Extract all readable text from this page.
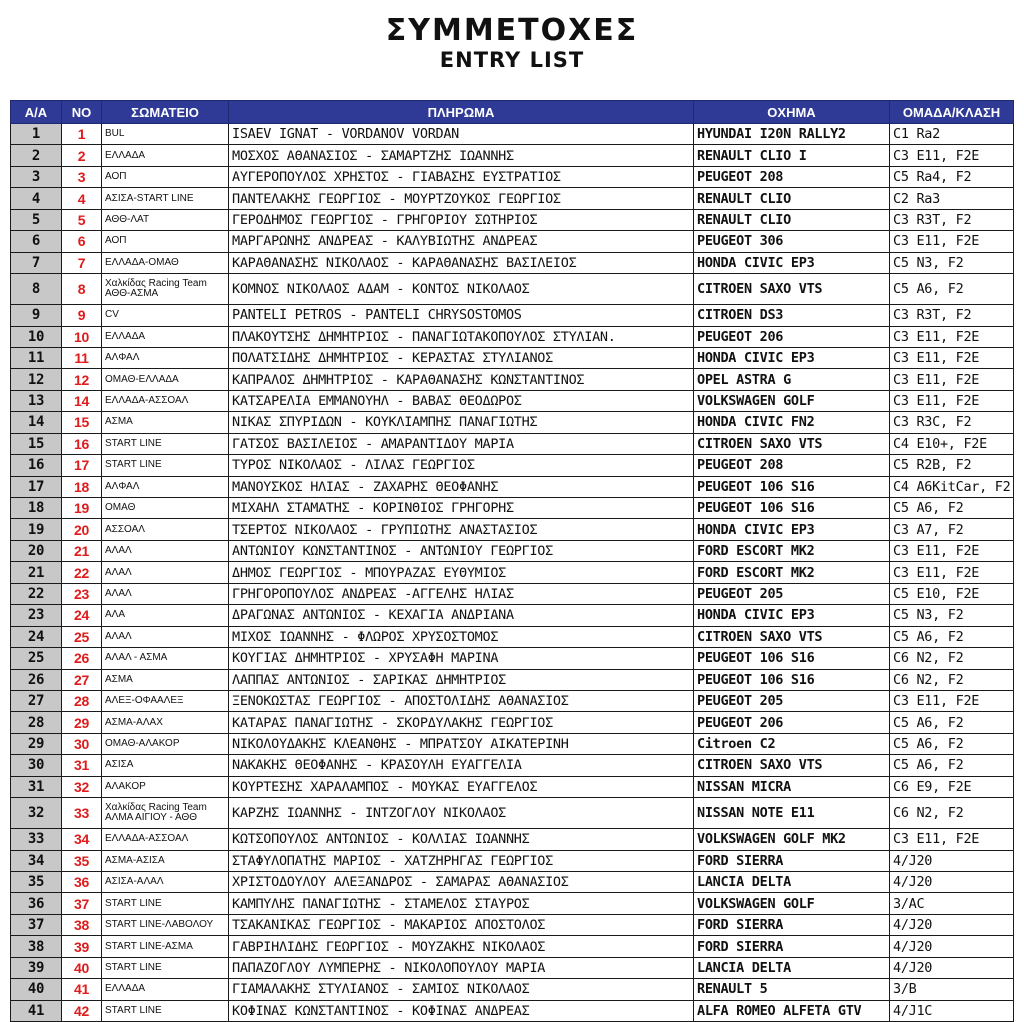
ΣΥΜΜΕΤΟΧΕΣ
ENTRY LIST
Α/Α	NO	ΣΩΜΑΤΕΙΟ	ΠΛΗΡΩΜΑ	ΟΧΗΜΑ	ΟΜΑΔΑ/ΚΛΑΣΗ
1	1	BUL	ISAEV IGNAT - VORDANOV VORDAN	HYUNDAI I20N RALLY2	C1 Ra2
2	2	ΕΛΛΑΔΑ	ΜΟΣΧΟΣ ΑΘΑΝΑΣΙΟΣ - ΣΑΜΑΡΤΖΗΣ ΙΩΑΝΝΗΣ	RENAULT CLIO I	C3 E11, F2E
3	3	ΑΟΠ	ΑΥΓΕΡΟΠΟΥΛΟΣ ΧΡΗΣΤΟΣ - ΓΙΑΒΑΣΗΣ ΕΥΣΤΡΑΤΙΟΣ	PEUGEOT 208	C5 Ra4, F2
4	4	ΑΣΙΣΑ-START LINE	ΠΑΝΤΕΛΑΚΗΣ ΓΕΩΡΓΙΟΣ - ΜΟΥΡΤΖΟΥΚΟΣ ΓΕΩΡΓΙΟΣ	RENAULT CLIO	C2 Ra3
5	5	ΑΘΘ-ΛΑΤ	ΓΕΡΟΔΗΜΟΣ ΓΕΩΡΓΙΟΣ - ΓΡΗΓΟΡΙΟΥ ΣΩΤΗΡΙΟΣ	RENAULT CLIO	C3 R3T, F2
6	6	ΑΟΠ	ΜΑΡΓΑΡΩΝΗΣ ΑΝΔΡΕΑΣ - ΚΑΛΥΒΙΩΤΗΣ ΑΝΔΡΕΑΣ	PEUGEOT 306	C3 E11, F2E
7	7	ΕΛΛΑΔΑ-ΟΜΑΘ	ΚΑΡΑΘΑΝΑΣΗΣ ΝΙΚΟΛΑΟΣ - ΚΑΡΑΘΑΝΑΣΗΣ ΒΑΣΙΛΕΙΟΣ	HONDA CIVIC EP3	C5 N3, F2
8	8	Χαλκίδας Racing Team ΑΘΘ-ΑΣΜΑ	ΚΟΜΝΟΣ ΝΙΚΟΛΑΟΣ ΑΔΑΜ - ΚΟΝΤΟΣ ΝΙΚΟΛΑΟΣ	CITROEN SAXO VTS	C5 A6, F2
9	9	CV	PANTELI PETROS - PANTELI CHRYSOSTOMOS	CITROEN DS3	C3 R3T, F2
10	10	ΕΛΛΑΔΑ	ΠΛΑΚΟΥΤΣΗΣ ΔΗΜΗΤΡΙΟΣ - ΠΑΝΑΓΙΩΤΑΚΟΠΟΥΛΟΣ ΣΤΥΛΙΑΝ.	PEUGEOT 206	C3 E11, F2E
11	11	ΑΛΦΑΛ	ΠΟΛΑΤΣΙΔΗΣ ΔΗΜΗΤΡΙΟΣ - ΚΕΡΑΣΤΑΣ ΣΤΥΛΙΑΝΟΣ	HONDA CIVIC EP3	C3 E11, F2E
12	12	ΟΜΑΘ-ΕΛΛΑΔΑ	ΚΑΠΡΑΛΟΣ ΔΗΜΗΤΡΙΟΣ - ΚΑΡΑΘΑΝΑΣΗΣ ΚΩΝΣΤΑΝΤΙΝΟΣ	OPEL ASTRA G	C3 E11, F2E
13	14	ΕΛΛΑΔΑ-ΑΣΣΟΑΛ	ΚΑΤΣΑΡΕΛΙΑ ΕΜΜΑΝΟΥΗΛ - ΒΑΒΑΣ ΘΕΟΔΩΡΟΣ	VOLKSWAGEN GOLF	C3 E11, F2E
14	15	ΑΣΜΑ	ΝΙΚΑΣ ΣΠΥΡΙΔΩΝ - ΚΟΥΚΛΙΑΜΠΗΣ ΠΑΝΑΓΙΩΤΗΣ	HONDA CIVIC FN2	C3 R3C, F2
15	16	START LINE	ΓΑΤΣΟΣ ΒΑΣΙΛΕΙΟΣ - ΑΜΑΡΑΝΤΙΔΟΥ ΜΑΡΙΑ	CITROEN SAXO VTS	C4 E10+, F2E
16	17	START LINE	ΤΥΡΟΣ ΝΙΚΟΛΑΟΣ - ΛΙΛΑΣ ΓΕΩΡΓΙΟΣ	PEUGEOT 208	C5 R2B, F2
17	18	ΑΛΦΑΛ	ΜΑΝΟΥΣΚΟΣ ΗΛΙΑΣ - ΖΑΧΑΡΗΣ ΘΕΟΦΑΝΗΣ	PEUGEOT 106 S16	C4 A6KitCar, F2
18	19	ΟΜΑΘ	ΜΙΧΑΗΛ ΣΤΑΜΑΤΗΣ - ΚΟΡΙΝΘΙΟΣ ΓΡΗΓΟΡΗΣ	PEUGEOT 106 S16	C5 A6, F2
19	20	ΑΣΣΟΑΛ	ΤΣΕΡΤΟΣ ΝΙΚΟΛΑΟΣ - ΓΡΥΠΙΩΤΗΣ ΑΝΑΣΤΑΣΙΟΣ	HONDA CIVIC EP3	C3 A7, F2
20	21	ΑΛΑΛ	ΑΝΤΩΝΙΟΥ ΚΩΝΣΤΑΝΤΙΝΟΣ - ΑΝΤΩΝΙΟΥ ΓΕΩΡΓΙΟΣ	FORD ESCORT MK2	C3 E11, F2E
21	22	ΑΛΑΛ	ΔΗΜΟΣ ΓΕΩΡΓΙΟΣ - ΜΠΟΥΡΑΖΑΣ ΕΥΘΥΜΙΟΣ	FORD ESCORT MK2	C3 E11, F2E
22	23	ΑΛΑΛ	ΓΡΗΓΟΡΟΠΟΥΛΟΣ ΑΝΔΡΕΑΣ -ΑΓΓΕΛΗΣ ΗΛΙΑΣ	PEUGEOT 205	C5 E10, F2E
23	24	ΑΛΑ	ΔΡΑΓΩΝΑΣ ΑΝΤΩΝΙΟΣ - ΚΕΧΑΓΙΑ ΑΝΔΡΙΑΝΑ	HONDA CIVIC EP3	C5 N3, F2
24	25	ΑΛΑΛ	ΜΙΧΟΣ ΙΩΑΝΝΗΣ - ΦΛΩΡΟΣ ΧΡΥΣΟΣΤΟΜΟΣ	CITROEN SAXO VTS	C5 A6, F2
25	26	ΑΛΑΛ - ΑΣΜΑ	ΚΟΥΓΙΑΣ ΔΗΜΗΤΡΙΟΣ - ΧΡΥΣΑΦΗ ΜΑΡΙΝΑ	PEUGEOT 106 S16	C6 N2, F2
26	27	ΑΣΜΑ	ΛΑΠΠΑΣ ΑΝΤΩΝΙΟΣ - ΣΑΡΙΚΑΣ ΔΗΜΗΤΡΙΟΣ	PEUGEOT 106 S16	C6 N2, F2
27	28	ΑΛΕΞ-ΟΦΑΑΛΕΞ	ΞΕΝΟΚΩΣΤΑΣ ΓΕΩΡΓΙΟΣ - ΑΠΟΣΤΟΛΙΔΗΣ ΑΘΑΝΑΣΙΟΣ	PEUGEOT 205	C3 E11, F2E
28	29	ΑΣΜΑ-ΑΛΑΧ	ΚΑΤΑΡΑΣ ΠΑΝΑΓΙΩΤΗΣ - ΣΚΟΡΔΥΛΑΚΗΣ ΓΕΩΡΓΙΟΣ	PEUGEOT 206	C5 A6, F2
29	30	ΟΜΑΘ-ΑΛΑΚΟΡ	ΝΙΚΟΛΟΥΔΑΚΗΣ ΚΛΕΑΝΘΗΣ - ΜΠΡΑΤΣΟΥ ΑΙΚΑΤΕΡΙΝΗ	Citroen C2	C5 A6, F2
30	31	ΑΣΙΣΑ	ΝΑΚΑΚΗΣ ΘΕΟΦΑΝΗΣ - ΚΡΑΣΟΥΛΗ ΕΥΑΓΓΕΛΙΑ	CITROEN SAXO VTS	C5 A6, F2
31	32	ΑΛΑΚΟΡ	ΚΟΥΡΤΕΣΗΣ ΧΑΡΑΛΑΜΠΟΣ - ΜΟΥΚΑΣ ΕΥΑΓΓΕΛΟΣ	NISSAN MICRA	C6 E9, F2E
32	33	Χαλκίδας Racing Team ΑΛΜΑ ΑΙΓΙΟΥ - ΑΘΘ	ΚΑΡΖΗΣ ΙΩΑΝΝΗΣ - ΙΝΤΖΟΓΛΟΥ ΝΙΚΟΛΑΟΣ	NISSAN NOTE E11	C6 N2, F2
33	34	ΕΛΛΑΔΑ-ΑΣΣΟΑΛ	ΚΩΤΣΟΠΟΥΛΟΣ ΑΝΤΩΝΙΟΣ - ΚΟΛΛΙΑΣ ΙΩΑΝΝΗΣ	VOLKSWAGEN GOLF MK2	C3 E11, F2E
34	35	ΑΣΜΑ-ΑΣΙΣΑ	ΣΤΑΦΥΛΟΠΑΤΗΣ ΜΑΡΙΟΣ - ΧΑΤΖΗΡΗΓΑΣ ΓΕΩΡΓΙΟΣ	FORD SIERRA	4/J20
35	36	ΑΣΙΣΑ-ΑΛΑΛ	ΧΡΙΣΤΟΔΟΥΛΟΥ ΑΛΕΞΑΝΔΡΟΣ - ΣΑΜΑΡΑΣ ΑΘΑΝΑΣΙΟΣ	LANCIA DELTA	4/J20
36	37	START LINE	ΚΑΜΠΥΛΗΣ ΠΑΝΑΓΙΩΤΗΣ - ΣΤΑΜΕΛΟΣ ΣΤΑΥΡΟΣ	VOLKSWAGEN GOLF	3/AC
37	38	START LINE-ΛΑΒΟΛΟΥ	ΤΣΑΚΑΝΙΚΑΣ ΓΕΩΡΓΙΟΣ - ΜΑΚΑΡΙΟΣ ΑΠΟΣΤΟΛΟΣ	FORD SIERRA	4/J20
38	39	START LINE-ΑΣΜΑ	ΓΑΒΡΙΗΛΙΔΗΣ ΓΕΩΡΓΙΟΣ - ΜΟΥΖΑΚΗΣ ΝΙΚΟΛΑΟΣ	FORD SIERRA	4/J20
39	40	START LINE	ΠΑΠΑΖΟΓΛΟΥ ΛΥΜΠΕΡΗΣ - ΝΙΚΟΛΟΠΟΥΛΟΥ ΜΑΡΙΑ	LANCIA DELTA	4/J20
40	41	ΕΛΛΑΔΑ	ΓΙΑΜΑΛΑΚΗΣ ΣΤΥΛΙΑΝΟΣ - ΣΑΜΙΟΣ ΝΙΚΟΛΑΟΣ	RENAULT 5	3/B
41	42	START LINE	ΚΟΦΙΝΑΣ ΚΩΝΣΤΑΝΤΙΝΟΣ - ΚΟΦΙΝΑΣ ΑΝΔΡΕΑΣ	ALFA ROMEO ALFETA GTV	4/J1C
